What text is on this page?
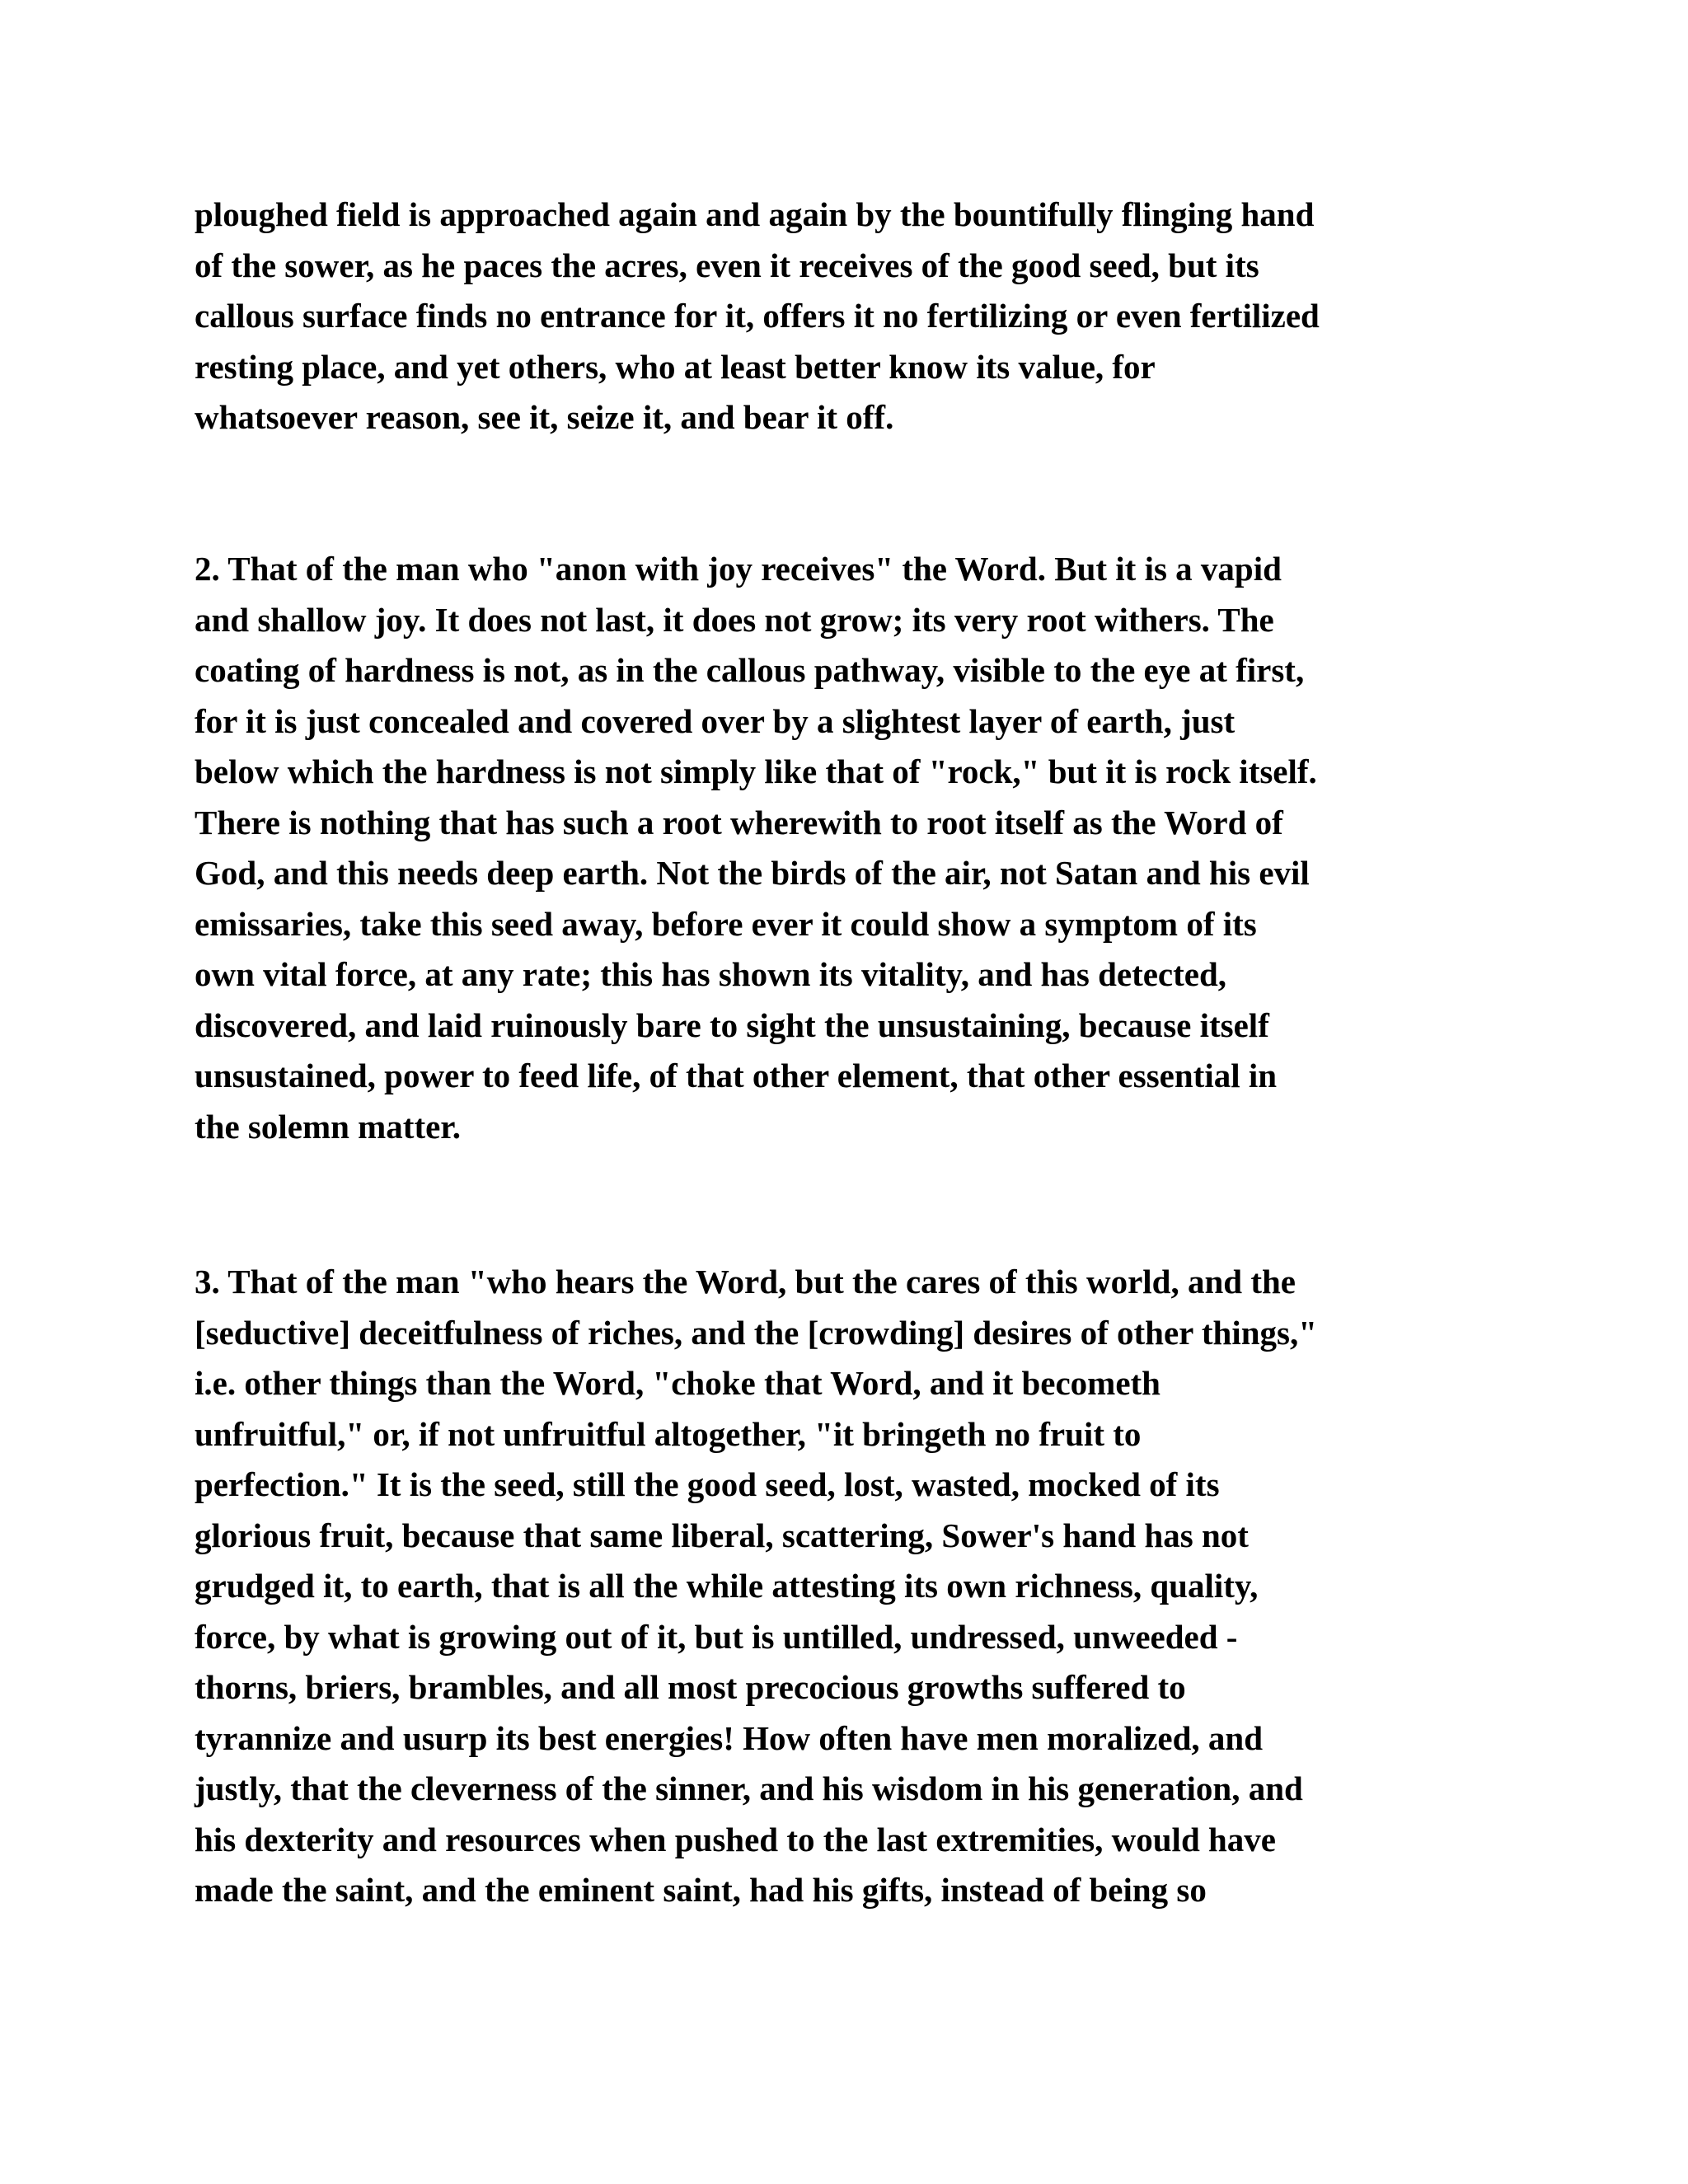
ploughed field is approached again and again by the bountifully flinging hand
of the sower, as he paces the acres, even it receives of the good seed, but its
callous surface finds no entrance for it, offers it no fertilizing or even fertilized
resting place, and yet others, who at least better know its value, for
whatsoever reason, see it, seize it, and bear it off.
2. That of the man who "anon with joy receives" the Word. But it is a vapid
and shallow joy. It does not last, it does not grow; its very root withers. The
coating of hardness is not, as in the callous pathway, visible to the eye at first,
for it is just concealed and covered over by a slightest layer of earth, just
below which the hardness is not simply like that of "rock," but it is rock itself.
There is nothing that has such a root wherewith to root itself as the Word of
God, and this needs deep earth. Not the birds of the air, not Satan and his evil
emissaries, take this seed away, before ever it could show a symptom of its
own vital force, at any rate; this has shown its vitality, and has detected,
discovered, and laid ruinously bare to sight the unsustaining, because itself
unsustained, power to feed life, of that other element, that other essential in
the solemn matter.
3. That of the man "who hears the Word, but the cares of this world, and the
[seductive] deceitfulness of riches, and the [crowding] desires of other things,"
i.e. other things than the Word, "choke that Word, and it becometh
unfruitful," or, if not unfruitful altogether, "it bringeth no fruit to
perfection." It is the seed, still the good seed, lost, wasted, mocked of its
glorious fruit, because that same liberal, scattering, Sower's hand has not
grudged it, to earth, that is all the while attesting its own richness, quality,
force, by what is growing out of it, but is untilled, undressed, unweeded -
thorns, briers, brambles, and all most precocious growths suffered to
tyrannize and usurp its best energies! How often have men moralized, and
justly, that the cleverness of the sinner, and his wisdom in his generation, and
his dexterity and resources when pushed to the last extremities, would have
made the saint, and the eminent saint, had his gifts, instead of being so
